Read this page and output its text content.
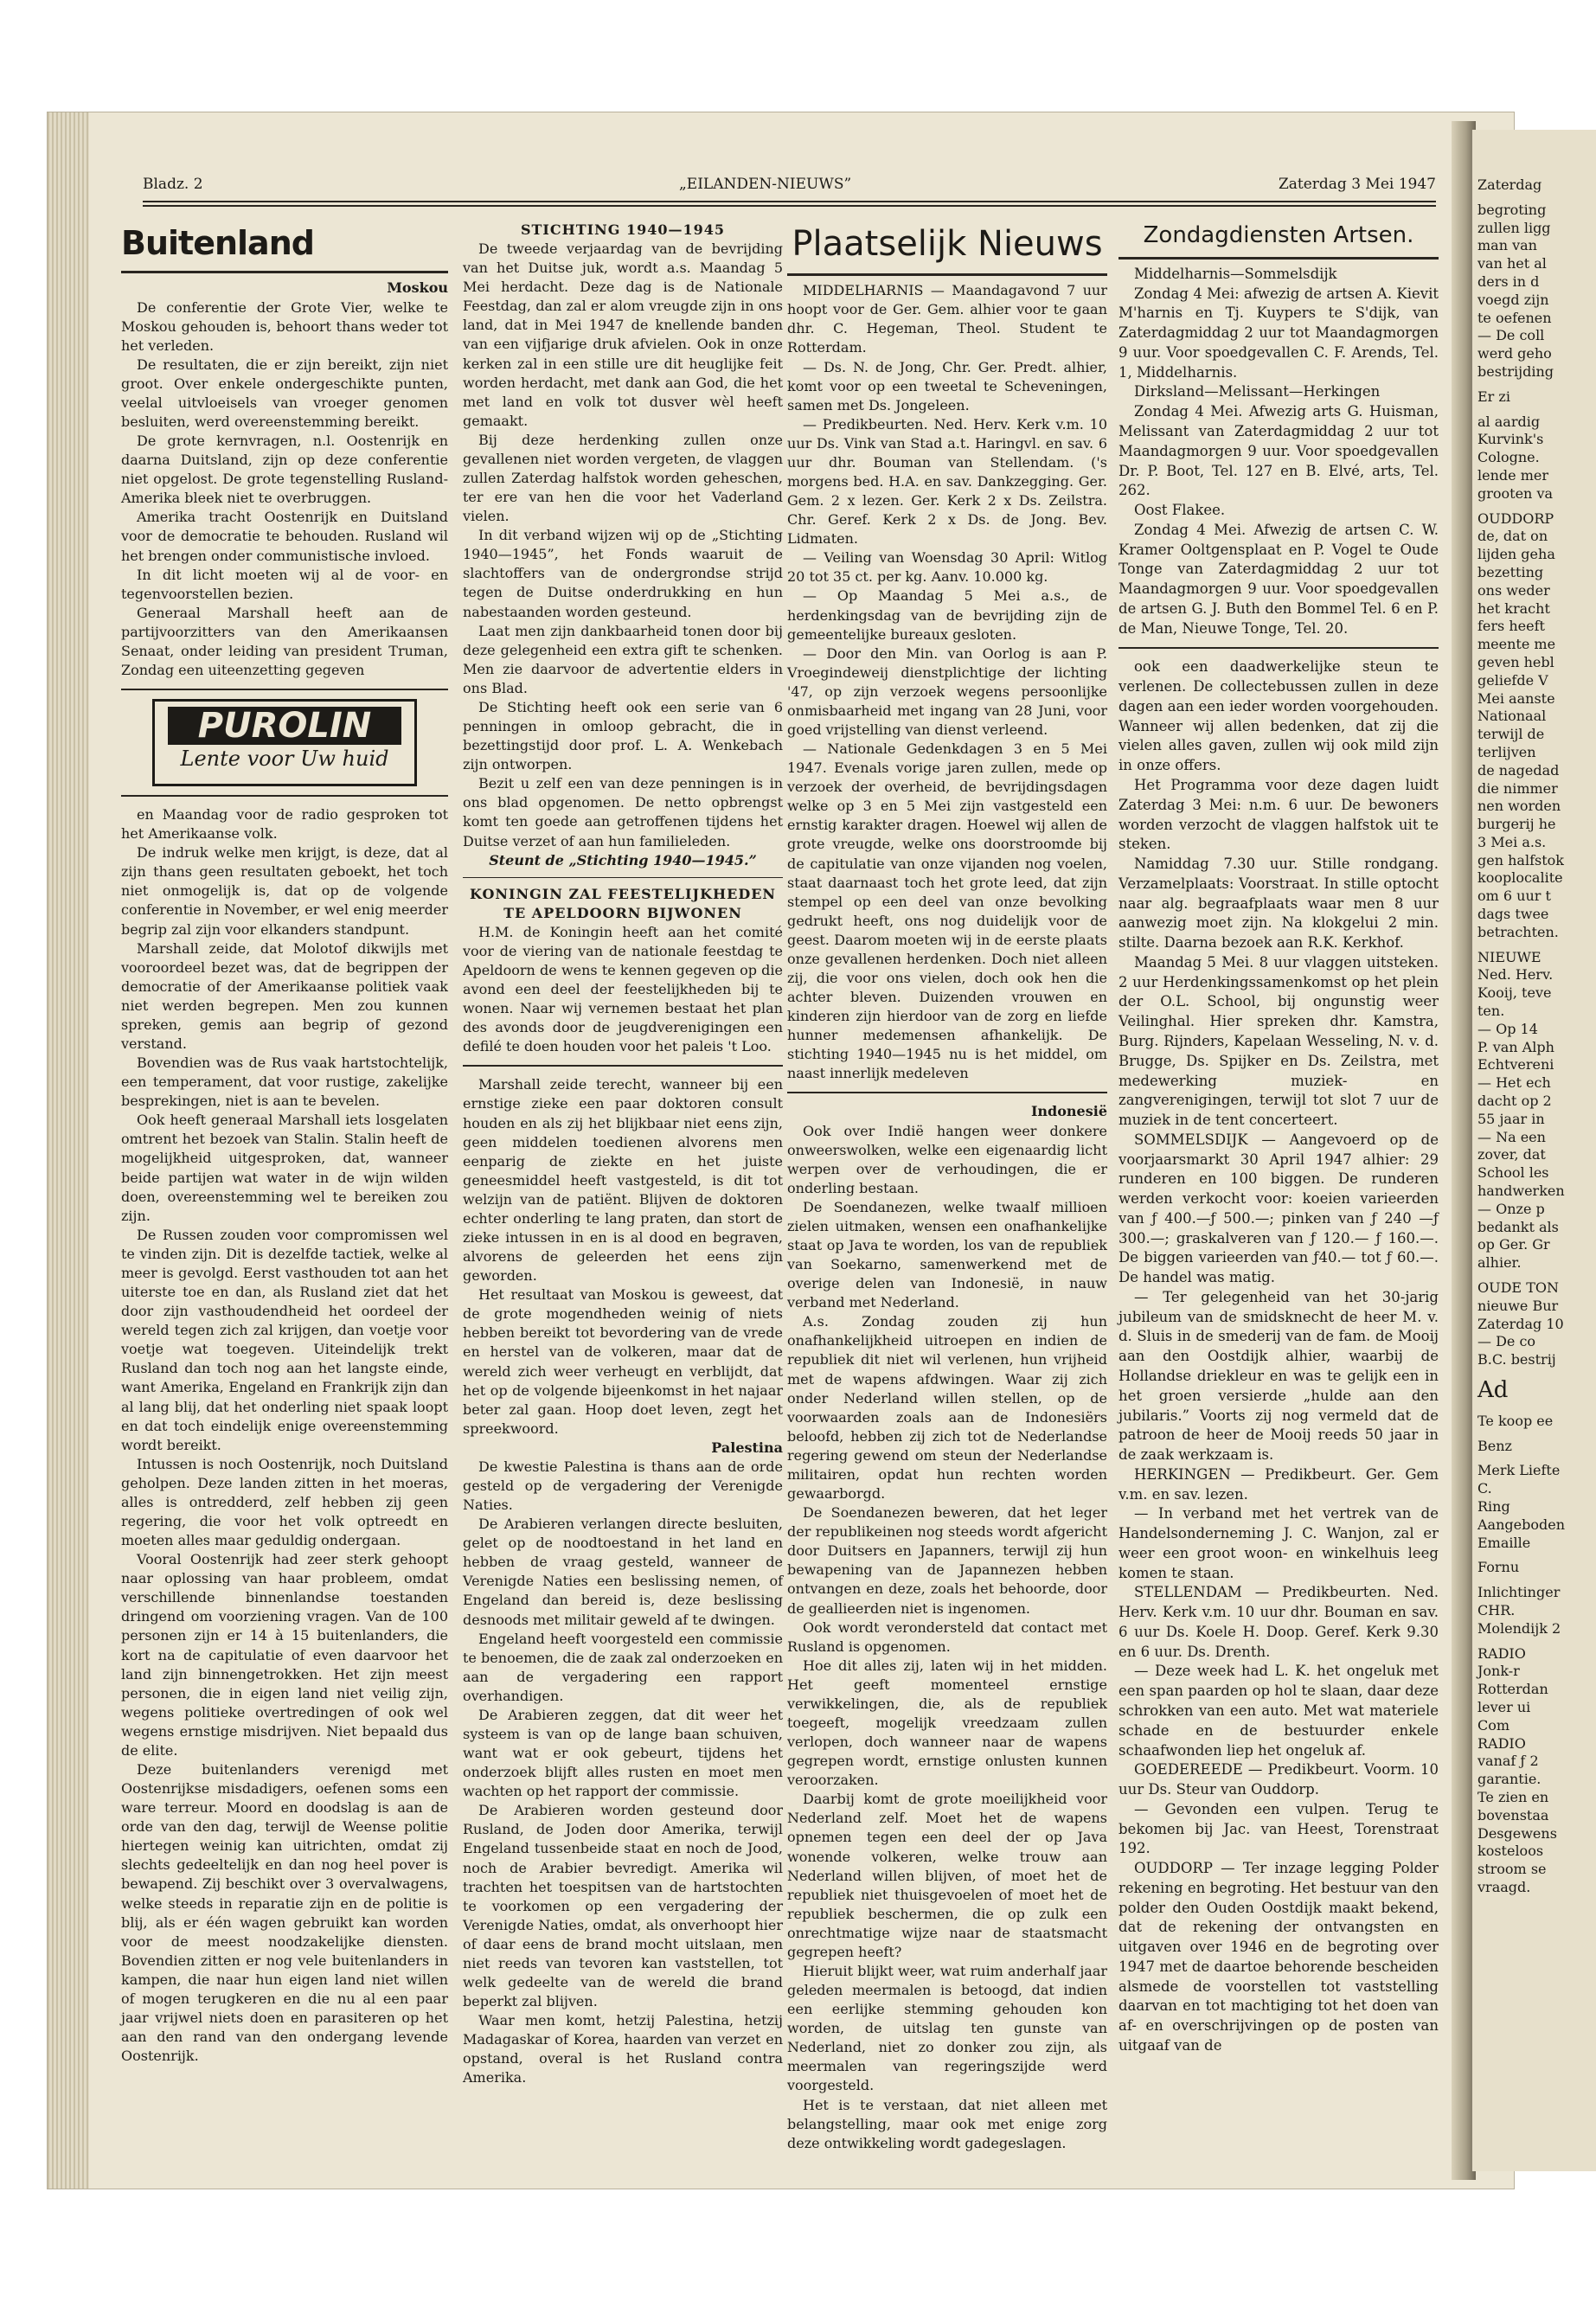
Bladz. 2	„EILANDEN-NIEUWS”	Zaterdag 3 Mei 1947
Buitenland
Moskou

De conferentie der Grote Vier, welke te Moskou gehouden is, behoort thans weder tot het verleden.

De resultaten, die er zijn bereikt, zijn niet groot. Over enkele ondergeschikte punten, veelal uitvloeisels van vroeger genomen besluiten, werd overeenstemming bereikt.

De grote kernvragen, n.l. Oostenrijk en daarna Duitsland, zijn op deze conferentie niet opgelost. De grote tegenstelling Rusland-Amerika bleek niet te overbruggen.

Amerika tracht Oostenrijk en Duitsland voor de democratie te behouden. Rusland wil het brengen onder communistische invloed.

In dit licht moeten wij al de voor- en tegenvoorstellen bezien.

Generaal Marshall heeft aan de partijvoorzitters van den Amerikaansen Senaat, onder leiding van president Truman, Zondag een uiteenzetting gegeven

PUROLIN
Lente voor Uw huid

en Maandag voor de radio gesproken tot het Amerikaanse volk.

De indruk welke men krijgt, is deze, dat al zijn thans geen resultaten geboekt, het toch niet onmogelijk is, dat op de volgende conferentie in November, er wel enig meerder begrip zal zijn voor elkanders standpunt.

Marshall zeide, dat Molotof dikwijls met vooroordeel bezet was, dat de begrippen der democratie of der Amerikaanse politiek vaak niet werden begrepen. Men zou kunnen spreken, gemis aan begrip of gezond verstand.

Bovendien was de Rus vaak hartstochtelijk, een temperament, dat voor rustige, zakelijke besprekingen, niet is aan te bevelen.

Ook heeft generaal Marshall iets losgelaten omtrent het bezoek van Stalin. Stalin heeft de mogelijkheid uitgesproken, dat, wanneer beide partijen wat water in de wijn wilden doen, overeenstemming wel te bereiken zou zijn.

De Russen zouden voor compromissen wel te vinden zijn. Dit is dezelfde tactiek, welke al meer is gevolgd. Eerst vasthouden tot aan het uiterste toe en dan, als Rusland ziet dat het door zijn vasthoudendheid het oordeel der wereld tegen zich zal krijgen, dan voetje voor voetje wat toegeven. Uiteindelijk trekt Rusland dan toch nog aan het langste einde, want Amerika, Engeland en Frankrijk zijn dan al lang blij, dat het onderling niet spaak loopt en dat toch eindelijk enige overeenstemming wordt bereikt.

Intussen is noch Oostenrijk, noch Duitsland geholpen. Deze landen zitten in het moeras, alles is ontredderd, zelf hebben zij geen regering, die voor het volk optreedt en moeten alles maar geduldig ondergaan.

Vooral Oostenrijk had zeer sterk gehoopt naar oplossing van haar probleem, omdat verschillende binnenlandse toestanden dringend om voorziening vragen. Van de 100 personen zijn er 14 à 15 buitenlanders, die kort na de capitulatie of even daarvoor het land zijn binnengetrokken. Het zijn meest personen, die in eigen land niet veilig zijn, wegens politieke overtredingen of ook wel wegens ernstige misdrijven. Niet bepaald dus de elite.

Deze buitenlanders verenigd met Oostenrijkse misdadigers, oefenen soms een ware terreur. Moord en doodslag is aan de orde van den dag, terwijl de Weense politie hiertegen weinig kan uitrichten, omdat zij slechts gedeeltelijk en dan nog heel pover is bewapend. Zij beschikt over 3 overvalwagens, welke steeds in reparatie zijn en de politie is blij, als er één wagen gebruikt kan worden voor de meest noodzakelijke diensten. Bovendien zitten er nog vele buitenlanders in kampen, die naar hun eigen land niet willen of mogen terugkeren en die nu al een paar jaar vrijwel niets doen en parasiteren op het aan den rand van den ondergang levende Oostenrijk.

STICHTING 1940—1945

De tweede verjaardag van de bevrijding van het Duitse juk, wordt a.s. Maandag 5 Mei herdacht. Deze dag is de Nationale Feestdag, dan zal er alom vreugde zijn in ons land, dat in Mei 1947 de knellende banden van een vijfjarige druk afvielen. Ook in onze kerken zal in een stille ure dit heuglijke feit worden herdacht, met dank aan God, die het met land en volk tot dusver wèl heeft gemaakt.

Bij deze herdenking zullen onze gevallenen niet worden vergeten, de vlaggen zullen Zaterdag halfstok worden geheschen, ter ere van hen die voor het Vaderland vielen.

In dit verband wijzen wij op de „Stichting 1940—1945”, het Fonds waaruit de slachtoffers van de ondergrondse strijd tegen de Duitse onderdrukking en hun nabestaanden worden gesteund.

Laat men zijn dankbaarheid tonen door bij deze gelegenheid een extra gift te schenken. Men zie daarvoor de advertentie elders in ons Blad.

De Stichting heeft ook een serie van 6 penningen in omloop gebracht, die in bezettingstijd door prof. L. A. Wenkebach zijn ontworpen.

Bezit u zelf een van deze penningen is in ons blad opgenomen. De netto opbrengst komt ten goede aan getroffenen tijdens het Duitse verzet of aan hun familieleden.

Steunt de „Stichting 1940—1945.”
KONINGIN ZAL FEESTELIJKHEDEN TE APELDOORN BIJWONEN

H.M. de Koningin heeft aan het comité voor de viering van de nationale feestdag te Apeldoorn de wens te kennen gegeven op die avond een deel der feestelijkheden bij te wonen. Naar wij vernemen bestaat het plan des avonds door de jeugdverenigingen een defilé te doen houden voor het paleis 't Loo.

Marshall zeide terecht, wanneer bij een ernstige zieke een paar doktoren consult houden en als zij het blijkbaar niet eens zijn, geen middelen toedienen alvorens men eenparig de ziekte en het juiste geneesmiddel heeft vastgesteld, is dit tot welzijn van de patiënt. Blijven de doktoren echter onderling te lang praten, dan stort de zieke intussen in en is al dood en begraven, alvorens de geleerden het eens zijn geworden.

Het resultaat van Moskou is geweest, dat de grote mogendheden weinig of niets hebben bereikt tot bevordering van de vrede en herstel van de volkeren, maar dat de wereld zich weer verheugt en verblijdt, dat het op de volgende bijeenkomst in het najaar beter zal gaan. Hoop doet leven, zegt het spreekwoord.

Palestina

De kwestie Palestina is thans aan de orde gesteld op de vergadering der Verenigde Naties.

De Arabieren verlangen directe besluiten, gelet op de noodtoestand in het land en hebben de vraag gesteld, wanneer de Verenigde Naties een beslissing nemen, of Engeland dan bereid is, deze beslissing desnoods met militair geweld af te dwingen.

Engeland heeft voorgesteld een commissie te benoemen, die de zaak zal onderzoeken en aan de vergadering een rapport overhandigen.

De Arabieren zeggen, dat dit weer het systeem is van op de lange baan schuiven, want wat er ook gebeurt, tijdens het onderzoek blijft alles rusten en moet men wachten op het rapport der commissie.

De Arabieren worden gesteund door Rusland, de Joden door Amerika, terwijl Engeland tussenbeide staat en noch de Jood, noch de Arabier bevredigt. Amerika wil trachten het toespitsen van de hartstochten te voorkomen op een vergadering der Verenigde Naties, omdat, als onverhoopt hier of daar eens de brand mocht uitslaan, men niet reeds van tevoren kan vaststellen, tot welk gedeelte van de wereld die brand beperkt zal blijven.

Waar men komt, hetzij Palestina, hetzij Madagaskar of Korea, haarden van verzet en opstand, overal is het Rusland contra Amerika.

Plaatselijk Nieuws

MIDDELHARNIS — Maandagavond 7 uur hoopt voor de Ger. Gem. alhier voor te gaan dhr. C. Hegeman, Theol. Student te Rotterdam.

— Ds. N. de Jong, Chr. Ger. Predt. alhier, komt voor op een tweetal te Scheveningen, samen met Ds. Jongeleen.

— Predikbeurten. Ned. Herv. Kerk v.m. 10 uur Ds. Vink van Stad a.t. Haringvl. en sav. 6 uur dhr. Bouman van Stellendam. ('s morgens bed. H.A. en sav. Dankzegging. Ger. Gem. 2 x lezen. Ger. Kerk 2 x Ds. Zeilstra. Chr. Geref. Kerk 2 x Ds. de Jong. Bev. Lidmaten.

— Veiling van Woensdag 30 April: Witlog 20 tot 35 ct. per kg. Aanv. 10.000 kg.

— Op Maandag 5 Mei a.s., de herdenkingsdag van de bevrijding zijn de gemeentelijke bureaux gesloten.

— Door den Min. van Oorlog is aan P. Vroegindeweij dienstplichtige der lichting '47, op zijn verzoek wegens persoonlijke onmisbaarheid met ingang van 28 Juni, voor goed vrijstelling van dienst verleend.

— Nationale Gedenkdagen 3 en 5 Mei 1947. Evenals vorige jaren zullen, mede op verzoek der overheid, de bevrijdingsdagen welke op 3 en 5 Mei zijn vastgesteld een ernstig karakter dragen. Hoewel wij allen de grote vreugde, welke ons doorstroomde bij de capitulatie van onze vijanden nog voelen, staat daarnaast toch het grote leed, dat zijn stempel op een deel van onze bevolking gedrukt heeft, ons nog duidelijk voor de geest. Daarom moeten wij in de eerste plaats onze gevallenen herdenken. Doch niet alleen zij, die voor ons vielen, doch ook hen die achter bleven. Duizenden vrouwen en kinderen zijn hierdoor van de zorg en liefde hunner medemensen afhankelijk. De stichting 1940—1945 nu is het middel, om naast innerlijk medeleven

Indonesië

Ook over Indië hangen weer donkere onweerswolken, welke een eigenaardig licht werpen over de verhoudingen, die er onderling bestaan.

De Soendanezen, welke twaalf millioen zielen uitmaken, wensen een onafhankelijke staat op Java te worden, los van de republiek van Soekarno, samenwerkend met de overige delen van Indonesië, in nauw verband met Nederland.

A.s. Zondag zouden zij hun onafhankelijkheid uitroepen en indien de republiek dit niet wil verlenen, hun vrijheid met de wapens afdwingen. Waar zij zich onder Nederland willen stellen, op de voorwaarden zoals aan de Indonesiërs beloofd, hebben zij zich tot de Nederlandse regering gewend om steun der Nederlandse militairen, opdat hun rechten worden gewaarborgd.

De Soendanezen beweren, dat het leger der republikeinen nog steeds wordt afgericht door Duitsers en Japanners, terwijl zij hun bewapening van de Japannezen hebben ontvangen en deze, zoals het behoorde, door de geallieerden niet is ingenomen.

Ook wordt verondersteld dat contact met Rusland is opgenomen.

Hoe dit alles zij, laten wij in het midden. Het geeft momenteel ernstige verwikkelingen, die, als de republiek toegeeft, mogelijk vreedzaam zullen verlopen, doch wanneer naar de wapens gegrepen wordt, ernstige onlusten kunnen veroorzaken.

Daarbij komt de grote moeilijkheid voor Nederland zelf. Moet het de wapens opnemen tegen een deel der op Java wonende volkeren, welke trouw aan Nederland willen blijven, of moet het de republiek niet thuisgevoelen of moet het de republiek beschermen, die op zulk een onrechtmatige wijze naar de staatsmacht gegrepen heeft?

Hieruit blijkt weer, wat ruim anderhalf jaar geleden meermalen is betoogd, dat indien een eerlijke stemming gehouden kon worden, de uitslag ten gunste van Nederland, niet zo donker zou zijn, als meermalen van regeringszijde werd voorgesteld.

Het is te verstaan, dat niet alleen met belangstelling, maar ook met enige zorg deze ontwikkeling wordt gadegeslagen.

Zondagdiensten Artsen.

Middelharnis—Sommelsdijk

Zondag 4 Mei: afwezig de artsen A. Kievit M'harnis en Tj. Kuypers te S'dijk, van Zaterdagmiddag 2 uur tot Maandagmorgen 9 uur. Voor spoedgevallen C. F. Arends, Tel. 1, Middelharnis.

Dirksland—Melissant—Herkingen

Zondag 4 Mei. Afwezig arts G. Huisman, Melissant van Zaterdagmiddag 2 uur tot Maandagmorgen 9 uur. Voor spoedgevallen Dr. P. Boot, Tel. 127 en B. Elvé, arts, Tel. 262.

Oost Flakee.

Zondag 4 Mei. Afwezig de artsen C. W. Kramer Ooltgensplaat en P. Vogel te Oude Tonge van Zaterdagmiddag 2 uur tot Maandagmorgen 9 uur. Voor spoedgevallen de artsen G. J. Buth den Bommel Tel. 6 en P. de Man, Nieuwe Tonge, Tel. 20.

ook een daadwerkelijke steun te verlenen. De collectebussen zullen in deze dagen aan een ieder worden voorgehouden. Wanneer wij allen bedenken, dat zij die vielen alles gaven, zullen wij ook mild zijn in onze offers.

Het Programma voor deze dagen luidt Zaterdag 3 Mei: n.m. 6 uur. De bewoners worden verzocht de vlaggen halfstok uit te steken.

Namiddag 7.30 uur. Stille rondgang. Verzamelplaats: Voorstraat. In stille optocht naar alg. begraafplaats waar men 8 uur aanwezig moet zijn. Na klokgelui 2 min. stilte. Daarna bezoek aan R.K. Kerkhof.

Maandag 5 Mei. 8 uur vlaggen uitsteken. 2 uur Herdenkingssamenkomst op het plein der O.L. School, bij ongunstig weer Veilinghal. Hier spreken dhr. Kamstra, Burg. Rijnders, Kapelaan Wesseling, N. v. d. Brugge, Ds. Spijker en Ds. Zeilstra, met medewerking muziek- en zangverenigingen, terwijl tot slot 7 uur de muziek in de tent concerteert.

SOMMELSDIJK — Aangevoerd op de voorjaarsmarkt 30 April 1947 alhier: 29 runderen en 100 biggen. De runderen werden verkocht voor: koeien varieerden van ƒ 400.—ƒ 500.—; pinken van ƒ 240 —ƒ 300.—; graskalveren van ƒ 120.— ƒ 160.—. De biggen varieerden van ƒ40.— tot ƒ 60.—. De handel was matig.

— Ter gelegenheid van het 30-jarig jubileum van de smidsknecht de heer M. v. d. Sluis in de smederij van de fam. de Mooij aan den Oostdijk alhier, waarbij de Hollandse driekleur en was te gelijk een in het groen versierde „hulde aan den jubilaris.” Voorts zij nog vermeld dat de patroon de heer de Mooij reeds 50 jaar in de zaak werkzaam is.

HERKINGEN — Predikbeurt. Ger. Gem v.m. en sav. lezen.

— In verband met het vertrek van de Handelsonderneming J. C. Wanjon, zal er weer een groot woon- en winkelhuis leeg komen te staan.

STELLENDAM — Predikbeurten. Ned. Herv. Kerk v.m. 10 uur dhr. Bouman en sav. 6 uur Ds. Koele H. Doop. Geref. Kerk 9.30 en 6 uur. Ds. Drenth.

— Deze week had L. K. het ongeluk met een span paarden op hol te slaan, daar deze schrokken van een auto. Met wat materiele schade en de bestuurder enkele schaafwonden liep het ongeluk af.

GOEDEREEDE — Predikbeurt. Voorm. 10 uur Ds. Steur van Ouddorp.

— Gevonden een vulpen. Terug te bekomen bij Jac. van Heest, Torenstraat 192.

OUDDORP — Ter inzage legging Polder rekening en begroting. Het bestuur van den polder den Ouden Oostdijk maakt bekend, dat de rekening der ontvangsten en uitgaven over 1946 en de begroting over 1947 met de daartoe behorende bescheiden alsmede de voorstellen tot vaststelling daarvan en tot machtiging tot het doen van af- en overschrijvingen op de posten van uitgaaf van de

Zaterdag
begroting
zullen ligg
man van
van het al
ders in d
voegd zijn
te oefenen
— De coll
werd geho
bestrijding
Er zi
al aardig
Kurvink's
Cologne.
lende mer
grooten va
OUDDORP
de, dat on
lijden geha
bezetting
ons weder
het kracht
fers heeft
meente me
geven hebl
geliefde V
Mei aanste
Nationaal
terwijl de
terlijven
de nagedad
die nimmer
nen worden
burgerij he
3 Mei a.s.
gen halfstok
kooplocalite
om 6 uur t
dags twee
betrachten.
NIEUWE
Ned. Herv.
Kooij, teve
ten.
— Op 14
P. van Alph
Echtvereni
— Het ech
dacht op 2
55 jaar in
— Na een
zover, dat
School les
handwerken
— Onze p
bedankt als
op Ger. Gr
alhier.
OUDE TON
nieuwe Bur
Zaterdag 10
— De co
B.C. bestrij
Ad
Te koop ee
Benz
Merk Liefte
C.
Ring
Aangeboden
Emaille
Fornu
Inlichtinger
CHR.
Molendijk 2
RADIO
Jonk-r
Rotterdan
lever ui
Com
RADIO
vanaf ƒ 2
garantie.
Te zien en
bovenstaa
Desgewens
kosteloos
stroom se
vraagd.
